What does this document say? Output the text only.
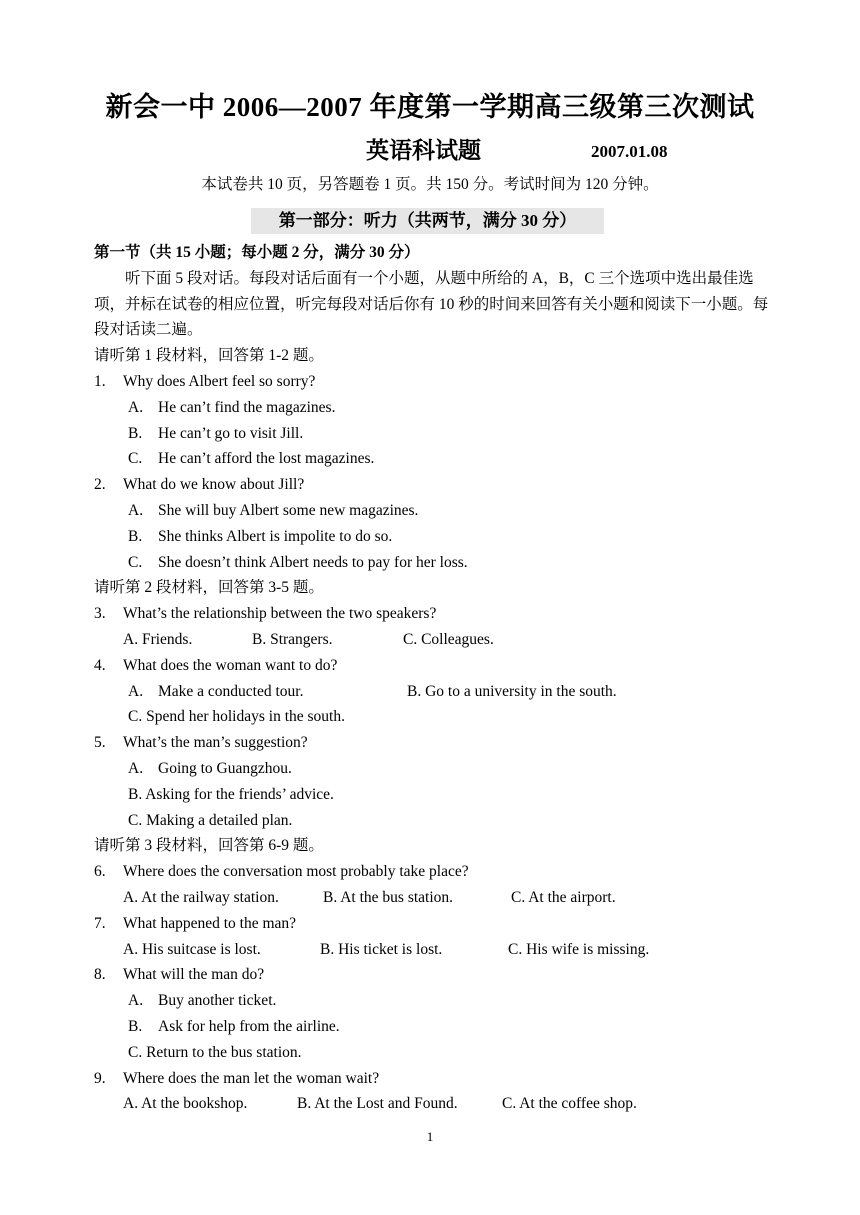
新会一中 2006—2007 年度第一学期高三级第三次测试
英语科试题	2007.01.08
本试卷共 10 页，另答题卷 1 页。共 150 分。考试时间为 120 分钟。
第一部分：听力（共两节，满分 30 分）
第一节（共 15 小题；每小题 2 分，满分 30 分）
听下面 5 段对话。每段对话后面有一个小题，从题中所给的 A，B，C 三个选项中选出最佳选项，并标在试卷的相应位置，听完每段对话后你有 10 秒的时间来回答有关小题和阅读下一小题。每段对话读二遍。
请听第 1 段材料，回答第 1-2 题。
1. Why does Albert feel so sorry?
A. He can’t find the magazines.
B. He can’t go to visit Jill.
C. He can’t afford the lost magazines.
2. What do we know about Jill?
A. She will buy Albert some new magazines.
B. She thinks Albert is impolite to do so.
C. She doesn’t think Albert needs to pay for her loss.
请听第 2 段材料，回答第 3-5 题。
3. What’s the relationship between the two speakers?
A. Friends.	B. Strangers.	C. Colleagues.
4. What does the woman want to do?
A. Make a conducted tour.	B. Go to a university in the south.
C. Spend her holidays in the south.
5. What’s the man’s suggestion?
A. Going to Guangzhou.
B. Asking for the friends’ advice.
C. Making a detailed plan.
请听第 3 段材料，回答第 6-9 题。
6. Where does the conversation most probably take place?
A. At the railway station.	B. At the bus station.	C. At the airport.
7. What happened to the man?
A. His suitcase is lost.	B. His ticket is lost.	C. His wife is missing.
8. What will the man do?
A. Buy another ticket.
B. Ask for help from the airline.
C. Return to the bus station.
9. Where does the man let the woman wait?
A. At the bookshop.	B. At the Lost and Found.	C. At the coffee shop.
1
